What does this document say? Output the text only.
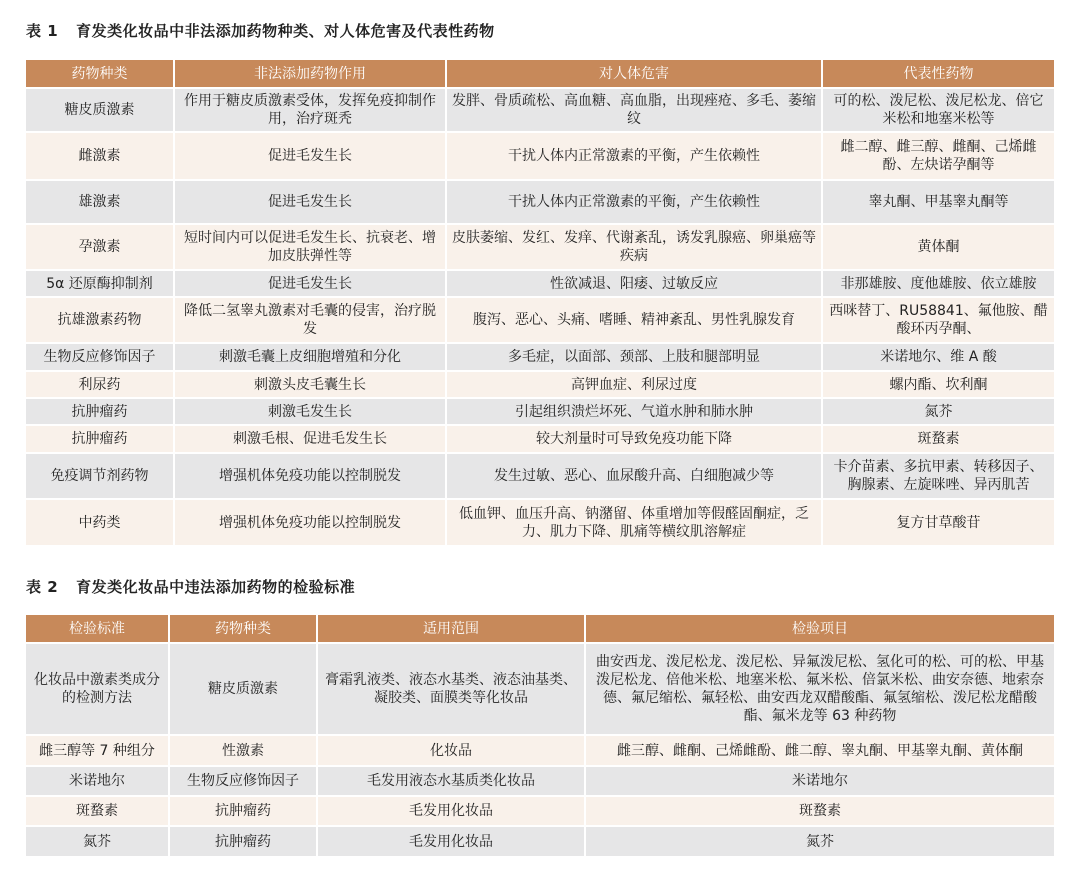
表 1 育发类化妆品中非法添加药物种类、对人体危害及代表性药物
药物种类	非法添加药物作用	对人体危害	代表性药物
糖皮质激素	作用于糖皮质激素受体，发挥免疫抑制作用，治疗斑秃	发胖、骨质疏松、高血糖、高血脂，出现痤疮、多毛、萎缩纹	可的松、泼尼松、泼尼松龙、倍它米松和地塞米松等
雌激素	促进毛发生长	干扰人体内正常激素的平衡，产生依赖性	雌二醇、雌三醇、雌酮、己烯雌酚、左炔诺孕酮等
雄激素	促进毛发生长	干扰人体内正常激素的平衡，产生依赖性	睾丸酮、甲基睾丸酮等
孕激素	短时间内可以促进毛发生长、抗衰老、增加皮肤弹性等	皮肤萎缩、发红、发痒、代谢紊乱，诱发乳腺癌、卵巢癌等疾病	黄体酮
5α 还原酶抑制剂	促进毛发生长	性欲减退、阳痿、过敏反应	非那雄胺、度他雄胺、依立雄胺
抗雄激素药物	降低二氢睾丸激素对毛囊的侵害，治疗脱发	腹泻、恶心、头痛、嗜睡、精神紊乱、男性乳腺发育	西咪替丁、RU58841、氟他胺、醋酸环丙孕酮、
生物反应修饰因子	刺激毛囊上皮细胞增殖和分化	多毛症，以面部、颈部、上肢和腿部明显	米诺地尔、维 A 酸
利尿药	刺激头皮毛囊生长	高钾血症、利尿过度	螺内酯、坎利酮
抗肿瘤药	刺激毛发生长	引起组织溃烂坏死、气道水肿和肺水肿	氮芥
抗肿瘤药	刺激毛根、促进毛发生长	较大剂量时可导致免疫功能下降	斑蝥素
免疫调节剂药物	增强机体免疫功能以控制脱发	发生过敏、恶心、血尿酸升高、白细胞减少等	卡介苗素、多抗甲素、转移因子、胸腺素、左旋咪唑、异丙肌苦
中药类	增强机体免疫功能以控制脱发	低血钾、血压升高、钠潴留、体重增加等假醛固酮症，乏力、肌力下降、肌痛等横纹肌溶解症	复方甘草酸苷
表 2 育发类化妆品中违法添加药物的检验标准
检验标准	药物种类	适用范围	检验项目
化妆品中激素类成分的检测方法	糖皮质激素	膏霜乳液类、液态水基类、液态油基类、凝胶类、面膜类等化妆品	曲安西龙、泼尼松龙、泼尼松、异氟泼尼松、氢化可的松、可的松、甲基泼尼松龙、倍他米松、地塞米松、氟米松、倍氯米松、曲安奈德、地索奈德、氟尼缩松、氟轻松、曲安西龙双醋酸酯、氟氢缩松、泼尼松龙醋酸酯、氟米龙等 63 种药物
雌三醇等 7 种组分	性激素	化妆品	雌三醇、雌酮、己烯雌酚、雌二醇、睾丸酮、甲基睾丸酮、黄体酮
米诺地尔	生物反应修饰因子	毛发用液态水基质类化妆品	米诺地尔
斑蝥素	抗肿瘤药	毛发用化妆品	斑蝥素
氮芥	抗肿瘤药	毛发用化妆品	氮芥
